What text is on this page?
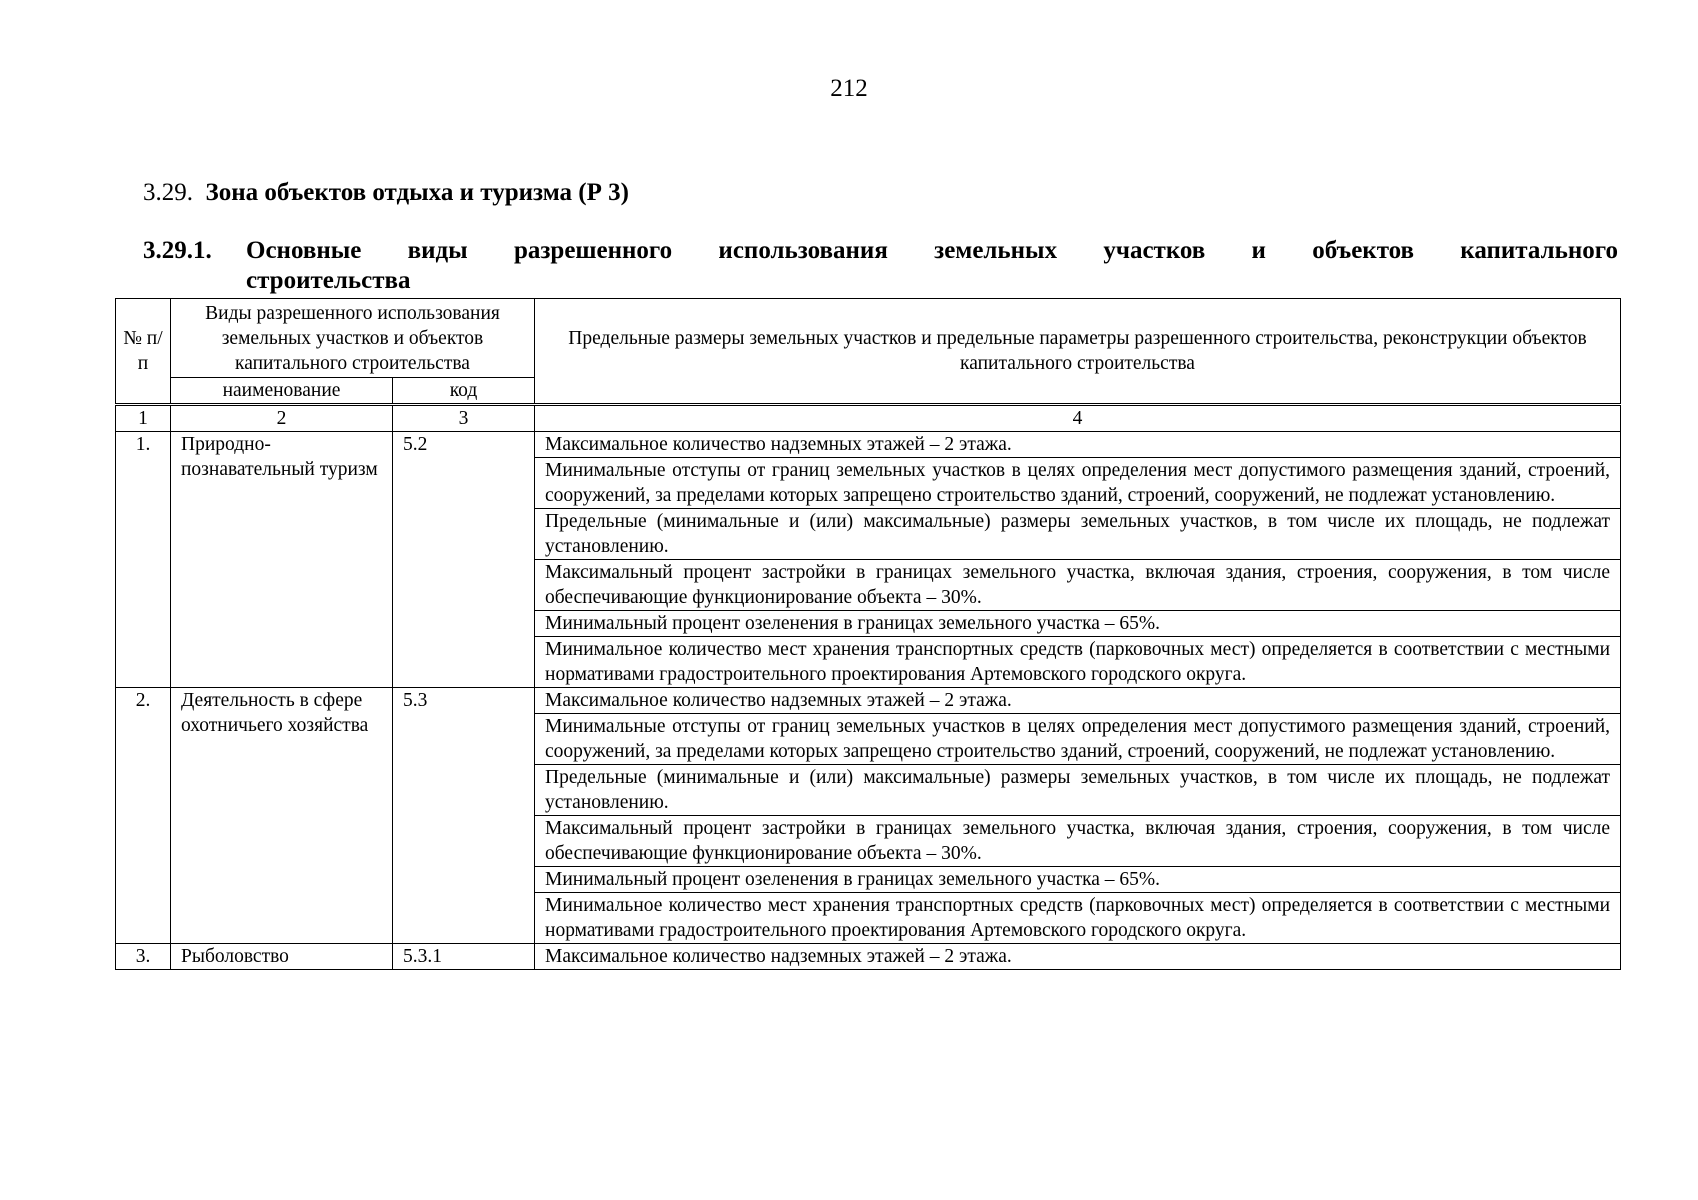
212
3.29. Зона объектов отдыха и туризма (Р 3)
3.29.1. Основные виды разрешенного использования земельных участков и объектов капитального
строительства
№ п/п	Виды разрешенного использования земельных участков и объектов капитального строительства		Предельные размеры земельных участков и предельные параметры разрешенного строительства, реконструкции объектов капитального строительства
	наименование	код	
1	2	3	4
1.	Природно-познавательный туризм	5.2	Максимальное количество надземных этажей – 2 этажа.
			Минимальные отступы от границ земельных участков в целях определения мест допустимого размещения зданий, строений, сооружений, за пределами которых запрещено строительство зданий, строений, сооружений, не подлежат установлению.
			Предельные (минимальные и (или) максимальные) размеры земельных участков, в том числе их площадь, не подлежат установлению.
			Максимальный процент застройки в границах земельного участка, включая здания, строения, сооружения, в том числе обеспечивающие функционирование объекта – 30%.
			Минимальный процент озеленения в границах земельного участка – 65%.
			Минимальное количество мест хранения транспортных средств (парковочных мест) определяется в соответствии с местными нормативами градостроительного проектирования Артемовского городского округа.
2.	Деятельность в сфере охотничьего хозяйства	5.3	Максимальное количество надземных этажей – 2 этажа.
			Минимальные отступы от границ земельных участков в целях определения мест допустимого размещения зданий, строений, сооружений, за пределами которых запрещено строительство зданий, строений, сооружений, не подлежат установлению.
			Предельные (минимальные и (или) максимальные) размеры земельных участков, в том числе их площадь, не подлежат установлению.
			Максимальный процент застройки в границах земельного участка, включая здания, строения, сооружения, в том числе обеспечивающие функционирование объекта – 30%.
			Минимальный процент озеленения в границах земельного участка – 65%.
			Минимальное количество мест хранения транспортных средств (парковочных мест) определяется в соответствии с местными нормативами градостроительного проектирования Артемовского городского округа.
3.	Рыболовство	5.3.1	Максимальное количество надземных этажей – 2 этажа.
